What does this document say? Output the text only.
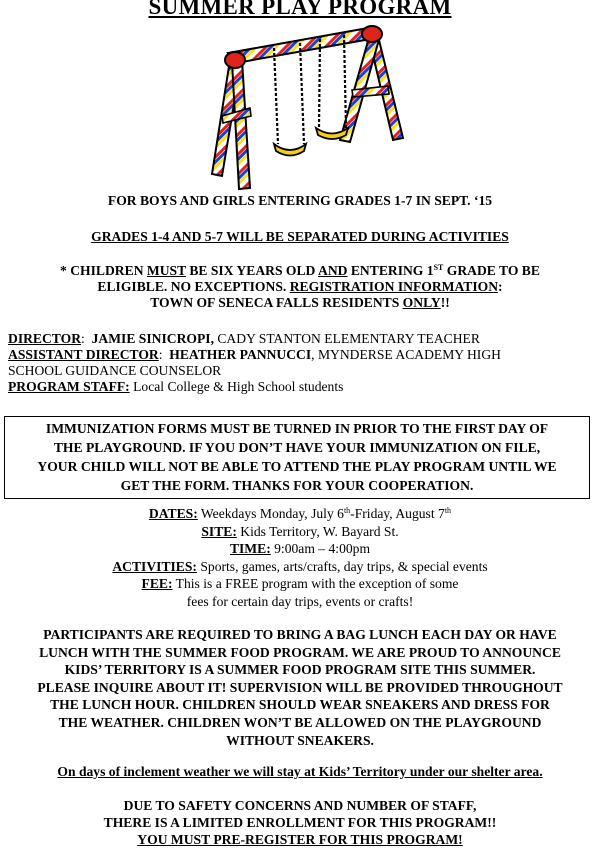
SUMMER PLAY PROGRAM
FOR BOYS AND GIRLS ENTERING GRADES 1-7 IN SEPT. ‘15
GRADES 1-4 AND 5-7 WILL BE SEPARATED DURING ACTIVITIES
* CHILDREN MUST BE SIX YEARS OLD AND ENTERING 1ST GRADE TO BE
ELIGIBLE. NO EXCEPTIONS. REGISTRATION INFORMATION:
TOWN OF SENECA FALLS RESIDENTS ONLY!!
DIRECTOR:  JAMIE SINICROPI, CADY STANTON ELEMENTARY TEACHER
ASSISTANT DIRECTOR:  HEATHER PANNUCCI, MYNDERSE ACADEMY HIGH
SCHOOL GUIDANCE COUNSELOR
PROGRAM STAFF: Local College & High School students
IMMUNIZATION FORMS MUST BE TURNED IN PRIOR TO THE FIRST DAY OF
THE PLAYGROUND. IF YOU DON’T HAVE YOUR IMMUNIZATION ON FILE,
YOUR CHILD WILL NOT BE ABLE TO ATTEND THE PLAY PROGRAM UNTIL WE
GET THE FORM. THANKS FOR YOUR COOPERATION.
DATES: Weekdays Monday, July 6th-Friday, August 7th
SITE: Kids Territory, W. Bayard St.
TIME: 9:00am – 4:00pm
ACTIVITIES: Sports, games, arts/crafts, day trips, & special events
FEE: This is a FREE program with the exception of some
fees for certain day trips, events or crafts!
PARTICIPANTS ARE REQUIRED TO BRING A BAG LUNCH EACH DAY OR HAVE
LUNCH WITH THE SUMMER FOOD PROGRAM. WE ARE PROUD TO ANNOUNCE
KIDS’ TERRITORY IS A SUMMER FOOD PROGRAM SITE THIS SUMMER.
PLEASE INQUIRE ABOUT IT! SUPERVISION WILL BE PROVIDED THROUGHOUT
THE LUNCH HOUR. CHILDREN SHOULD WEAR SNEAKERS AND DRESS FOR
THE WEATHER. CHILDREN WON’T BE ALLOWED ON THE PLAYGROUND
WITHOUT SNEAKERS.
On days of inclement weather we will stay at Kids’ Territory under our shelter area.
DUE TO SAFETY CONCERNS AND NUMBER OF STAFF,
THERE IS A LIMITED ENROLLMENT FOR THIS PROGRAM!!
YOU MUST PRE-REGISTER FOR THIS PROGRAM!
